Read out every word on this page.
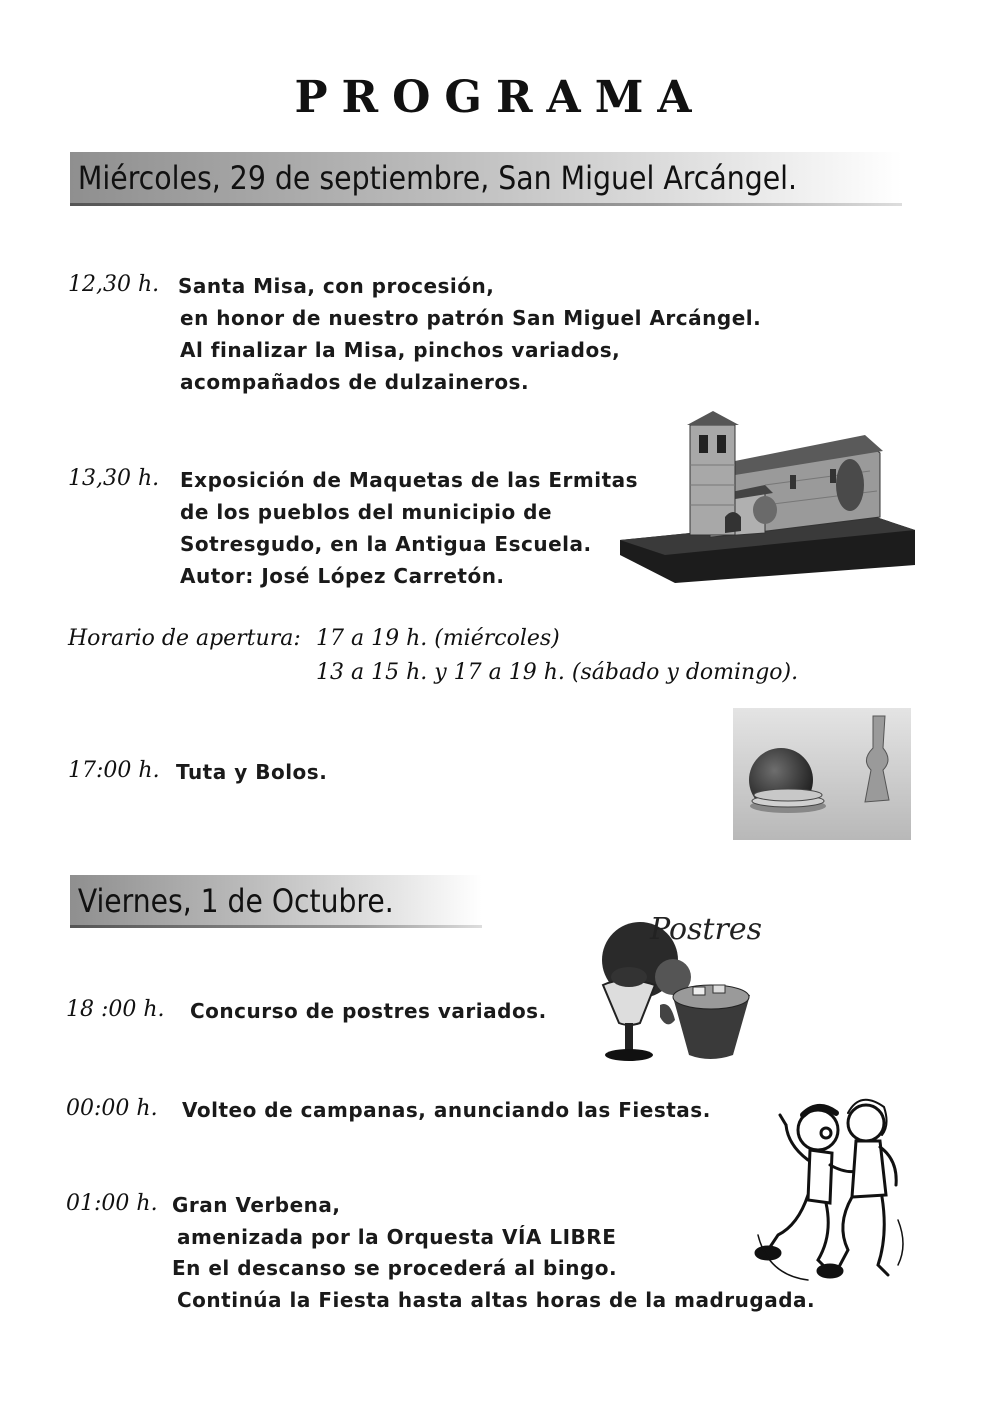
PROGRAMA
Miércoles, 29 de septiembre, San Miguel Arcángel.
12,30 h. Santa Misa, con procesión,
en honor de nuestro patrón San Miguel Arcángel.
Al finalizar la Misa, pinchos variados,
acompañados de dulzaineros.
13,30 h. Exposición de Maquetas de las Ermitas
de los pueblos del municipio de
Sotresgudo, en la Antigua Escuela.
Autor: José López Carretón.
Horario de apertura: 17 a 19 h. (miércoles)
13 a 15 h. y 17 a 19 h. (sábado y domingo).
17:00 h. Tuta y Bolos.
Viernes, 1 de Octubre.
Postres
18 :00 h. Concurso de postres variados.
00:00 h. Volteo de campanas, anunciando las Fiestas.
01:00 h. Gran Verbena,
amenizada por la Orquesta VÍA LIBRE
En el descanso se procederá al bingo.
Continúa la Fiesta hasta altas horas de la madrugada.
